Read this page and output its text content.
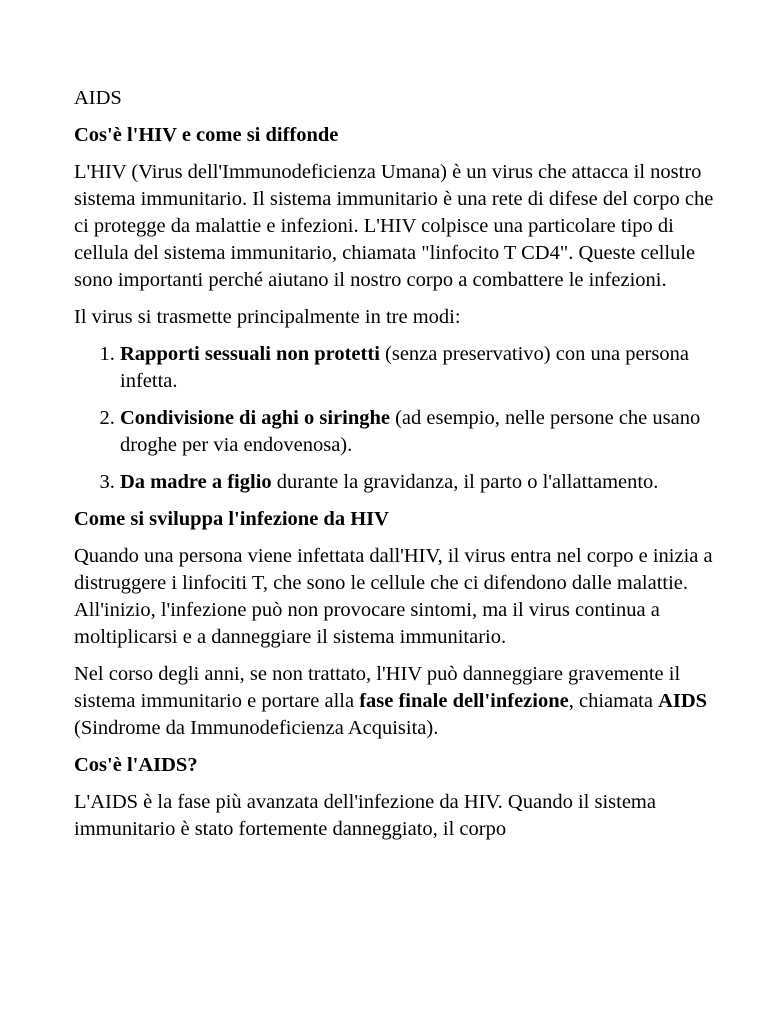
AIDS

Cos'è l'HIV e come si diffonde

L'HIV (Virus dell'Immunodeficienza Umana) è un virus che attacca il nostro sistema immunitario. Il sistema immunitario è una rete di difese del corpo che ci protegge da malattie e infezioni. L'HIV colpisce una particolare tipo di cellula del sistema immunitario, chiamata "linfocito T CD4". Queste cellule sono importanti perché aiutano il nostro corpo a combattere le infezioni.

Il virus si trasmette principalmente in tre modi:

1. Rapporti sessuali non protetti (senza preservativo) con una persona infetta.
2. Condivisione di aghi o siringhe (ad esempio, nelle persone che usano droghe per via endovenosa).
3. Da madre a figlio durante la gravidanza, il parto o l'allattamento.

Come si sviluppa l'infezione da HIV

Quando una persona viene infettata dall'HIV, il virus entra nel corpo e inizia a distruggere i linfociti T, che sono le cellule che ci difendono dalle malattie. All'inizio, l'infezione può non provocare sintomi, ma il virus continua a moltiplicarsi e a danneggiare il sistema immunitario.

Nel corso degli anni, se non trattato, l'HIV può danneggiare gravemente il sistema immunitario e portare alla fase finale dell'infezione, chiamata AIDS (Sindrome da Immunodeficienza Acquisita).

Cos'è l'AIDS?

L'AIDS è la fase più avanzata dell'infezione da HIV. Quando il sistema immunitario è stato fortemente danneggiato, il corpo
